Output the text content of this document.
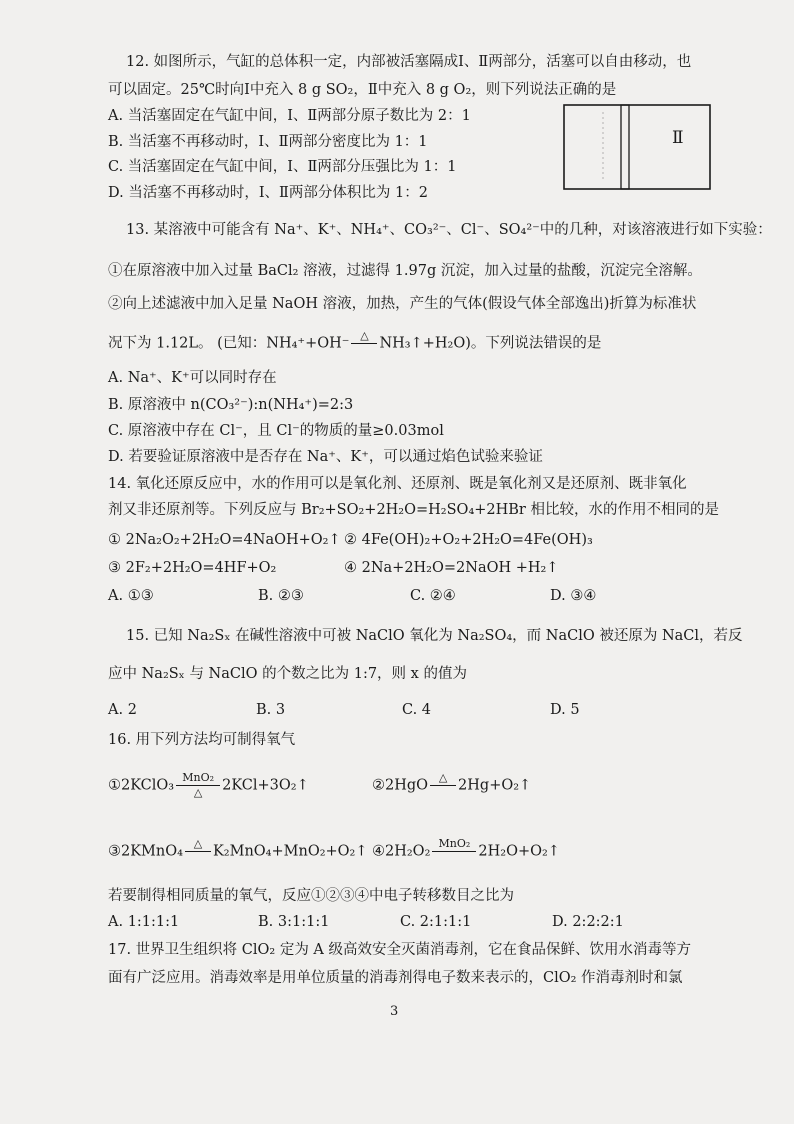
12. 如图所示，气缸的总体积一定，内部被活塞隔成Ⅰ、Ⅱ两部分，活塞可以自由移动，也
可以固定。25℃时向Ⅰ中充入 8 g SO₂，Ⅱ中充入 8 g O₂，则下列说法正确的是
A. 当活塞固定在气缸中间，Ⅰ、Ⅱ两部分原子数比为 2：1
B. 当活塞不再移动时，Ⅰ、Ⅱ两部分密度比为 1：1
C. 当活塞固定在气缸中间，Ⅰ、Ⅱ两部分压强比为 1：1
D. 当活塞不再移动时，Ⅰ、Ⅱ两部分体积比为 1：2
Ⅱ
13. 某溶液中可能含有 Na⁺、K⁺、NH₄⁺、CO₃²⁻、Cl⁻、SO₄²⁻中的几种，对该溶液进行如下实验：
①在原溶液中加入过量 BaCl₂ 溶液，过滤得 1.97g 沉淀，加入过量的盐酸，沉淀完全溶解。
②向上述滤液中加入足量 NaOH 溶液，加热，产生的气体(假设气体全部逸出)折算为标准状
况下为 1.12L。 (已知：NH₄⁺+OH⁻ △
NH₃↑+H₂O)。下列说法错误的是
A. Na⁺、K⁺可以同时存在
B. 原溶液中 n(CO₃²⁻):n(NH₄⁺)=2:3
C. 原溶液中存在 Cl⁻，且 Cl⁻的物质的量≥0.03mol
D. 若要验证原溶液中是否存在 Na⁺、K⁺，可以通过焰色试验来验证
14. 氧化还原反应中，水的作用可以是氧化剂、还原剂、既是氧化剂又是还原剂、既非氧化
剂又非还原剂等。下列反应与 Br₂+SO₂+2H₂O=H₂SO₄+2HBr 相比较，水的作用不相同的是
① 2Na₂O₂+2H₂O=4NaOH+O₂↑ ② 4Fe(OH)₂+O₂+2H₂O=4Fe(OH)₃
③ 2F₂+2H₂O=4HF+O₂	④ 2Na+2H₂O=2NaOH +H₂↑
A. ①③	B. ②③	C. ②④	D. ③④
15. 已知 Na₂Sₓ 在碱性溶液中可被 NaClO 氧化为 Na₂SO₄，而 NaClO 被还原为 NaCl，若反
应中 Na₂Sₓ 与 NaClO 的个数之比为 1:7，则 x 的值为
A. 2	B. 3	C. 4	D. 5
16. 用下列方法均可制得氧气
①2KClO₃ MnO₂
△ 2KCl+3O₂↑	②2HgO △
2Hg+O₂↑
③2KMnO₄ △
K₂MnO₄+MnO₂+O₂↑ ④2H₂O₂ MnO₂
2H₂O+O₂↑
若要制得相同质量的氧气，反应①②③④中电子转移数目之比为
A. 1:1:1:1	B. 3:1:1:1	C. 2:1:1:1	D. 2:2:2:1
17. 世界卫生组织将 ClO₂ 定为 A 级高效安全灭菌消毒剂，它在食品保鲜、饮用水消毒等方
面有广泛应用。消毒效率是用单位质量的消毒剂得电子数来表示的，ClO₂ 作消毒剂时和氯
3
